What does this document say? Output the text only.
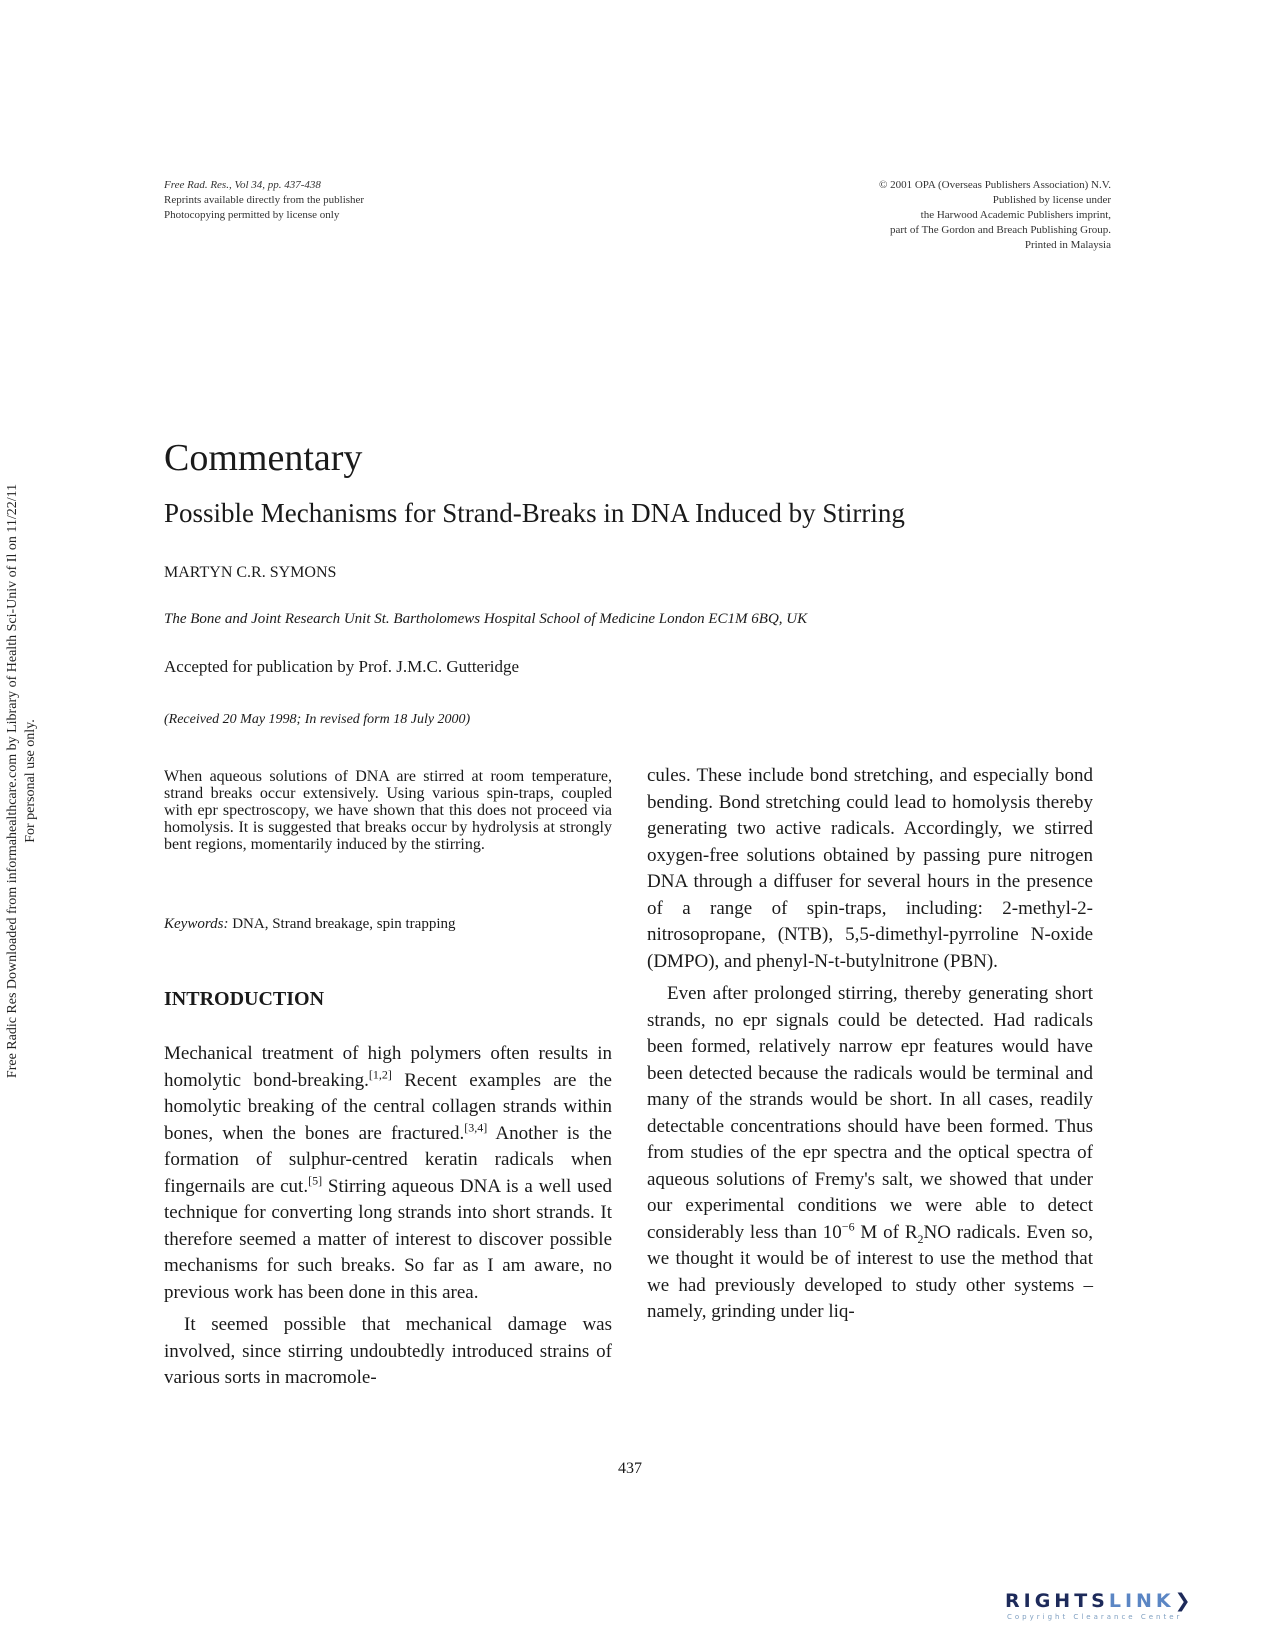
Free Rad. Res., Vol 34, pp. 437-438
Reprints available directly from the publisher
Photocopying permitted by license only
© 2001 OPA (Overseas Publishers Association) N.V.
Published by license under
the Harwood Academic Publishers imprint,
part of The Gordon and Breach Publishing Group.
Printed in Malaysia
Free Radic Res Downloaded from informahealthcare.com by Library of Health Sci-Univ of Il on 11/22/11 For personal use only.
Commentary
Possible Mechanisms for Strand-Breaks in DNA Induced by Stirring
MARTYN C.R. SYMONS
The Bone and Joint Research Unit St. Bartholomews Hospital School of Medicine London EC1M 6BQ, UK
Accepted for publication by Prof. J.M.C. Gutteridge
(Received 20 May 1998; In revised form 18 July 2000)
When aqueous solutions of DNA are stirred at room temperature, strand breaks occur extensively. Using various spin-traps, coupled with epr spectroscopy, we have shown that this does not proceed via homolysis. It is suggested that breaks occur by hydrolysis at strongly bent regions, momentarily induced by the stirring.
Keywords: DNA, Strand breakage, spin trapping
INTRODUCTION

Mechanical treatment of high polymers often results in homolytic bond-breaking.[1,2] Recent examples are the homolytic breaking of the central collagen strands within bones, when the bones are fractured.[3,4] Another is the formation of sulphur-centred keratin radicals when fingernails are cut.[5] Stirring aqueous DNA is a well used technique for converting long strands into short strands. It therefore seemed a matter of interest to discover possible mechanisms for such breaks. So far as I am aware, no previous work has been done in this area.

It seemed possible that mechanical damage was involved, since stirring undoubtedly introduced strains of various sorts in macromole-

cules. These include bond stretching, and especially bond bending. Bond stretching could lead to homolysis thereby generating two active radicals. Accordingly, we stirred oxygen-free solutions obtained by passing pure nitrogen DNA through a diffuser for several hours in the presence of a range of spin-traps, including: 2-methyl-2-nitrosopropane, (NTB), 5,5-dimethyl-pyrroline N-oxide (DMPO), and phenyl-N-t-butylnitrone (PBN).

Even after prolonged stirring, thereby generating short strands, no epr signals could be detected. Had radicals been formed, relatively narrow epr features would have been detected because the radicals would be terminal and many of the strands would be short. In all cases, readily detectable concentrations should have been formed. Thus from studies of the epr spectra and the optical spectra of aqueous solutions of Fremy's salt, we showed that under our experimental conditions we were able to detect considerably less than $10^{-6}$ M of $R_2NO$ radicals. Even so, we thought it would be of interest to use the method that we had previously developed to study other systems – namely, grinding under liq-

437
RIGHTSLINK❯
Copyright Clearance Center
